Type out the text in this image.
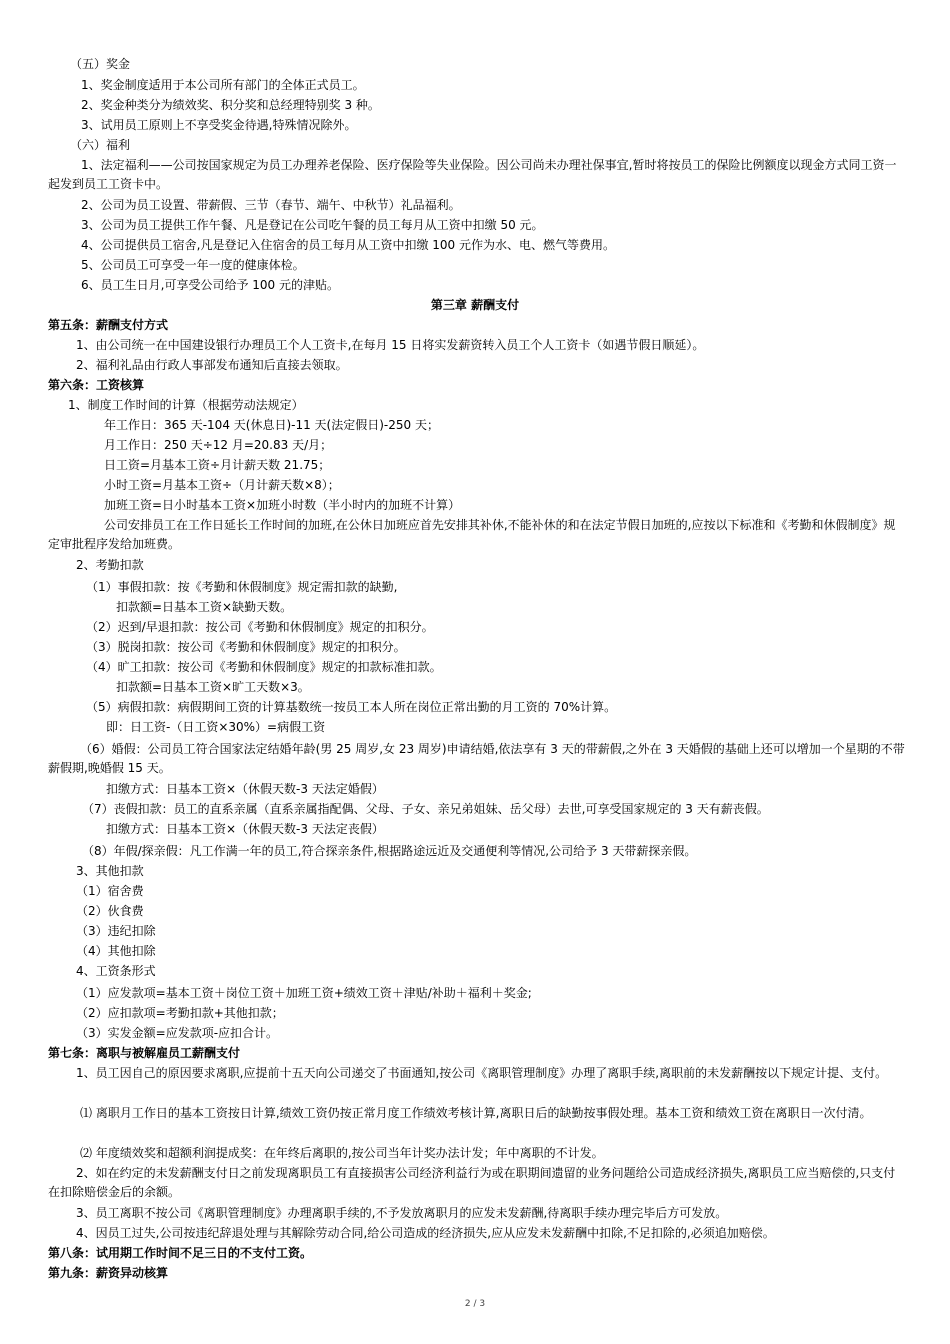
（五）奖金
1、奖金制度适用于本公司所有部门的全体正式员工。
2、奖金种类分为绩效奖、积分奖和总经理特别奖 3 种。
3、试用员工原则上不享受奖金待遇,特殊情况除外。
（六）福利
1、法定福利——公司按国家规定为员工办理养老保险、医疗保险等失业保险。因公司尚未办理社保事宜,暂时将按员工的保险比例额度以现金方式同工资一起发到员工工资卡中。
2、公司为员工设置、带薪假、三节（春节、端午、中秋节）礼品福利。
3、公司为员工提供工作午餐、凡是登记在公司吃午餐的员工每月从工资中扣缴 50 元。
4、公司提供员工宿舍,凡是登记入住宿舍的员工每月从工资中扣缴 100 元作为水、电、燃气等费用。
5、公司员工可享受一年一度的健康体检。
6、员工生日月,可享受公司给予 100 元的津贴。
第三章 薪酬支付
第五条：薪酬支付方式
1、由公司统一在中国建设银行办理员工个人工资卡,在每月 15 日将实发薪资转入员工个人工资卡（如遇节假日顺延）。
2、福利礼品由行政人事部发布通知后直接去领取。
第六条：工资核算
1、制度工作时间的计算（根据劳动法规定）
年工作日：365 天-104 天(休息日)-11 天(法定假日)-250 天；
月工作日：250 天÷12 月=20.83 天/月；
日工资=月基本工资÷月计薪天数 21.75；
小时工资=月基本工资÷（月计薪天数×8）；
加班工资=日小时基本工资×加班小时数（半小时内的加班不计算）
公司安排员工在工作日延长工作时间的加班,在公休日加班应首先安排其补休,不能补休的和在法定节假日加班的,应按以下标准和《考勤和休假制度》规定审批程序发给加班费。
2、考勤扣款
（1）事假扣款：按《考勤和休假制度》规定需扣款的缺勤,
扣款额=日基本工资×缺勤天数。
（2）迟到/早退扣款：按公司《考勤和休假制度》规定的扣积分。
（3）脱岗扣款：按公司《考勤和休假制度》规定的扣积分。
（4）旷工扣款：按公司《考勤和休假制度》规定的扣款标准扣款。
扣款额=日基本工资×旷工天数×3。
（5）病假扣款：病假期间工资的计算基数统一按员工本人所在岗位正常出勤的月工资的 70%计算。
即：日工资-（日工资×30%）=病假工资
（6）婚假：公司员工符合国家法定结婚年龄(男 25 周岁,女 23 周岁)申请结婚,依法享有 3 天的带薪假,之外在 3 天婚假的基础上还可以增加一个星期的不带薪假期,晚婚假 15 天。
扣缴方式：日基本工资×（休假天数-3 天法定婚假）
（7）丧假扣款：员工的直系亲属（直系亲属指配偶、父母、子女、亲兄弟姐妹、岳父母）去世,可享受国家规定的 3 天有薪丧假。
扣缴方式：日基本工资×（休假天数-3 天法定丧假）
（8）年假/探亲假：凡工作满一年的员工,符合探亲条件,根据路途远近及交通便利等情况,公司给予 3 天带薪探亲假。
3、其他扣款
（1）宿舍费
（2）伙食费
（3）违纪扣除
（4）其他扣除
4、工资条形式
（1）应发款项=基本工资＋岗位工资＋加班工资+绩效工资＋津贴/补助＋福利＋奖金;
（2）应扣款项=考勤扣款+其他扣款；
（3）实发金额=应发款项-应扣合计。
第七条：离职与被解雇员工薪酬支付
1、员工因自己的原因要求离职,应提前十五天向公司递交了书面通知,按公司《离职管理制度》办理了离职手续,离职前的未发薪酬按以下规定计提、支付。
⑴ 离职月工作日的基本工资按日计算,绩效工资仍按正常月度工作绩效考核计算,离职日后的缺勤按事假处理。基本工资和绩效工资在离职日一次付清。
⑵ 年度绩效奖和超额利润提成奖：在年终后离职的,按公司当年计奖办法计发；年中离职的不计发。
2、如在约定的未发薪酬支付日之前发现离职员工有直接损害公司经济利益行为或在职期间遗留的业务问题给公司造成经济损失,离职员工应当赔偿的,只支付在扣除赔偿金后的余额。
3、员工离职不按公司《离职管理制度》办理离职手续的,不予发放离职月的应发未发薪酬,待离职手续办理完毕后方可发放。
4、因员工过失,公司按违纪辞退处理与其解除劳动合同,给公司造成的经济损失,应从应发未发薪酬中扣除,不足扣除的,必须追加赔偿。
第八条：试用期工作时间不足三日的不支付工资。
第九条：薪资异动核算
2 / 3
